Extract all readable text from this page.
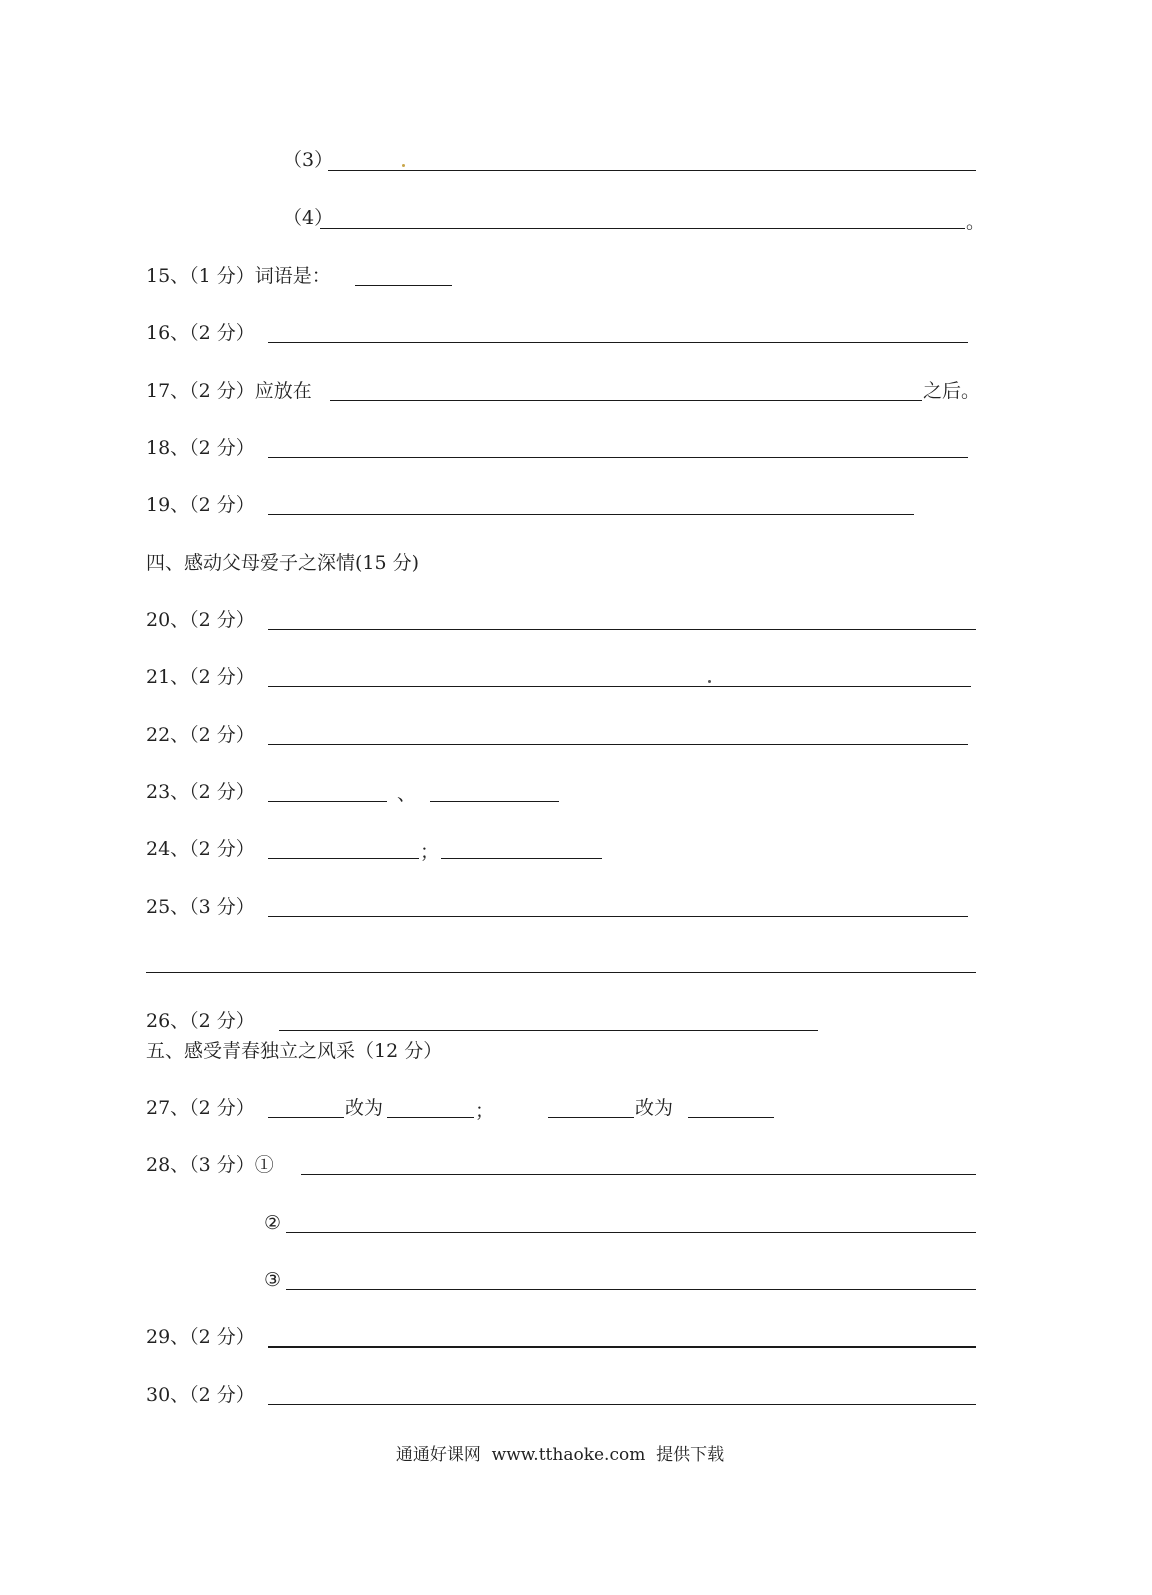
（3）
（4）	。
15、（1 分）词语是：
16、（2 分）
17、（2 分）应放在	之后。
18、（2 分）
19、（2 分）
四、感动父母爱子之深情(15 分)
20、（2 分）
21、（2 分）
22、（2 分）
23、（2 分）	、
24、（2 分）	；
25、（3 分）
26、（2 分）
五、感受青春独立之风采（12 分）
27、（2 分）	改为	；	改为
28、（3 分）①
②
③
29、（2 分）
30、（2 分）
通通好课网  www.tthaoke.com  提供下载
